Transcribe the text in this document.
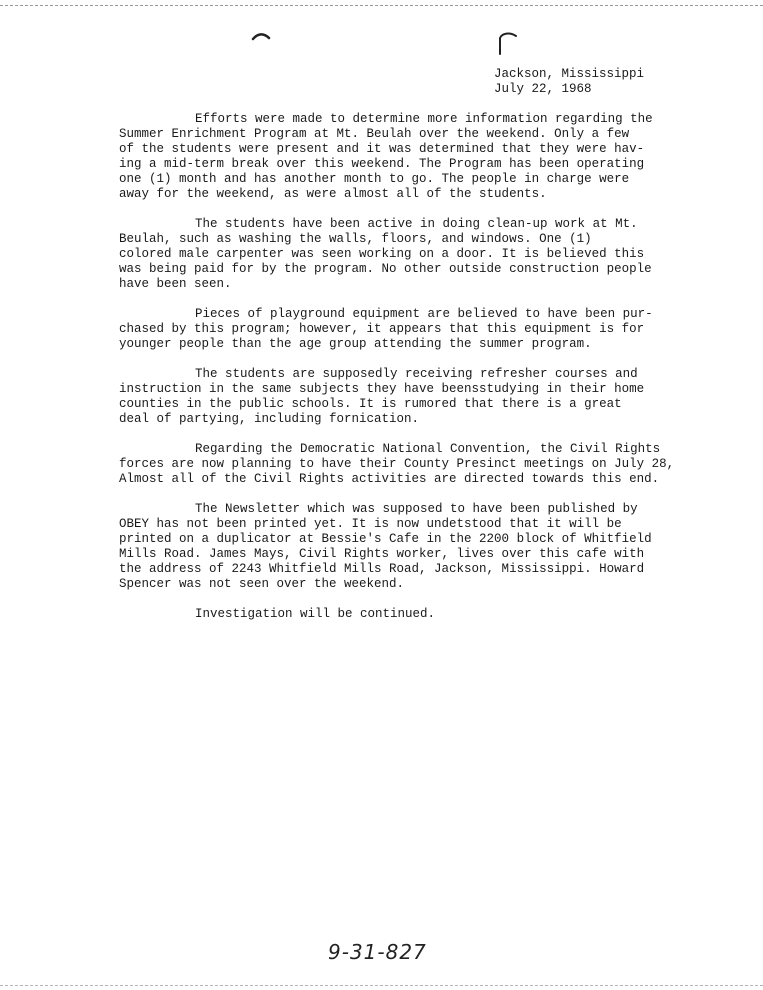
Jackson, Mississippi
July 22, 1968

Efforts were made to determine more information regarding the
Summer Enrichment Program at Mt. Beulah over the weekend. Only a few
of the students were present and it was determined that they were hav-
ing a mid-term break over this weekend. The Program has been operating
one (1) month and has another month to go. The people in charge were
away for the weekend, as were almost all of the students.

The students have been active in doing clean-up work at Mt.
Beulah, such as washing the walls, floors, and windows. One (1)
colored male carpenter was seen working on a door. It is believed this
was being paid for by the program. No other outside construction people
have been seen.

Pieces of playground equipment are believed to have been pur-
chased by this program; however, it appears that this equipment is for
younger people than the age group attending the summer program.

The students are supposedly receiving refresher courses and
instruction in the same subjects they have beensstudying in their home
counties in the public schools. It is rumored that there is a great
deal of partying, including fornication.

Regarding the Democratic National Convention, the Civil Rights
forces are now planning to have their County Presinct meetings on July 28,
Almost all of the Civil Rights activities are directed towards this end.

The Newsletter which was supposed to have been published by
OBEY has not been printed yet. It is now undetstood that it will be
printed on a duplicator at Bessie's Cafe in the 2200 block of Whitfield
Mills Road. James Mays, Civil Rights worker, lives over this cafe with
the address of 2243 Whitfield Mills Road, Jackson, Mississippi. Howard
Spencer was not seen over the weekend.

Investigation will be continued.

9-31-827
